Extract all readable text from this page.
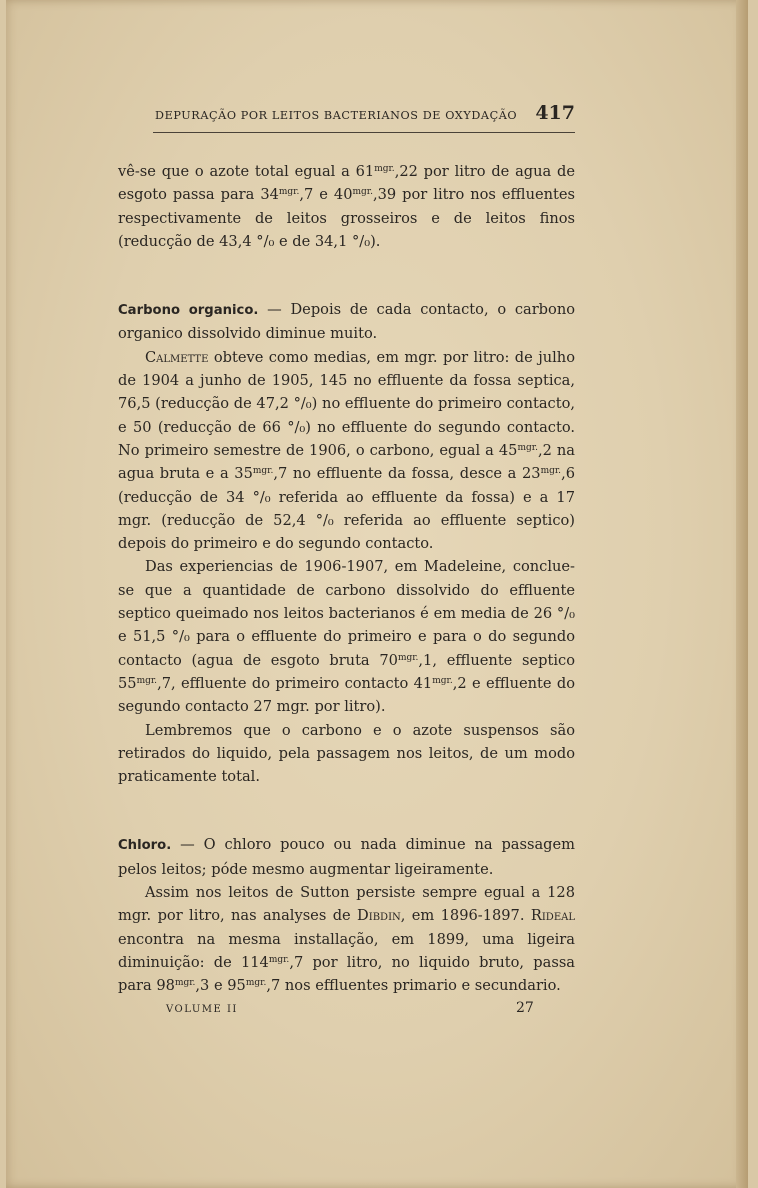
DEPURAÇÃO POR LEITOS BACTERIANOS DE OXYDAÇÃO 417

vê-se que o azote total egual a $61^{mgr.},22$ por litro de agua de esgoto passa para $34^{mgr.},7$ e $40^{mgr.},39$ por litro nos effluentes respectivamente de leitos grosseiros e de leitos finos (reducção de 43,4 °/₀ e de 34,1 °/₀).

Carbono organico. — Depois de cada contacto, o carbono organico dissolvido diminue muito.

Calmette obteve como medias, em mgr. por litro: de julho de 1904 a junho de 1905, 145 no effluente da fossa septica, 76,5 (reducção de 47,2 °/₀) no effluente do primeiro contacto, e 50 (reducção de 66 °/₀) no effluente do segundo contacto. No primeiro semestre de 1906, o carbono, egual a $45^{mgr.},2$ na agua bruta e a $35^{mgr.},7$ no effluente da fossa, desce a $23^{mgr.},6$ (reducção de 34 °/₀ referida ao effluente da fossa) e a 17 mgr. (reducção de 52,4 °/₀ referida ao effluente septico) depois do primeiro e do segundo contacto.

Das experiencias de 1906-1907, em Madeleine, conclue-se que a quantidade de carbono dissolvido do effluente septico queimado nos leitos bacterianos é em media de 26 °/₀ e 51,5 °/₀ para o effluente do primeiro e para o do segundo contacto (agua de esgoto bruta $70^{mgr.},1$, effluente septico $55^{mgr.},7$, effluente do primeiro contacto $41^{mgr.},2$ e effluente do segundo contacto 27 mgr. por litro).

Lembremos que o carbono e o azote suspensos são retirados do liquido, pela passagem nos leitos, de um modo praticamente total.

Chloro. — O chloro pouco ou nada diminue na passagem pelos leitos; póde mesmo augmentar ligeiramente.

Assim nos leitos de Sutton persiste sempre egual a 128 mgr. por litro, nas analyses de Dibdin, em 1896-1897. Rideal encontra na mesma installação, em 1899, uma ligeira diminuição: de $114^{mgr.},7$ por litro, no liquido bruto, passa para $98^{mgr.},3$ e $95^{mgr.},7$ nos effluentes primario e secundario.

VOLUME II	27
